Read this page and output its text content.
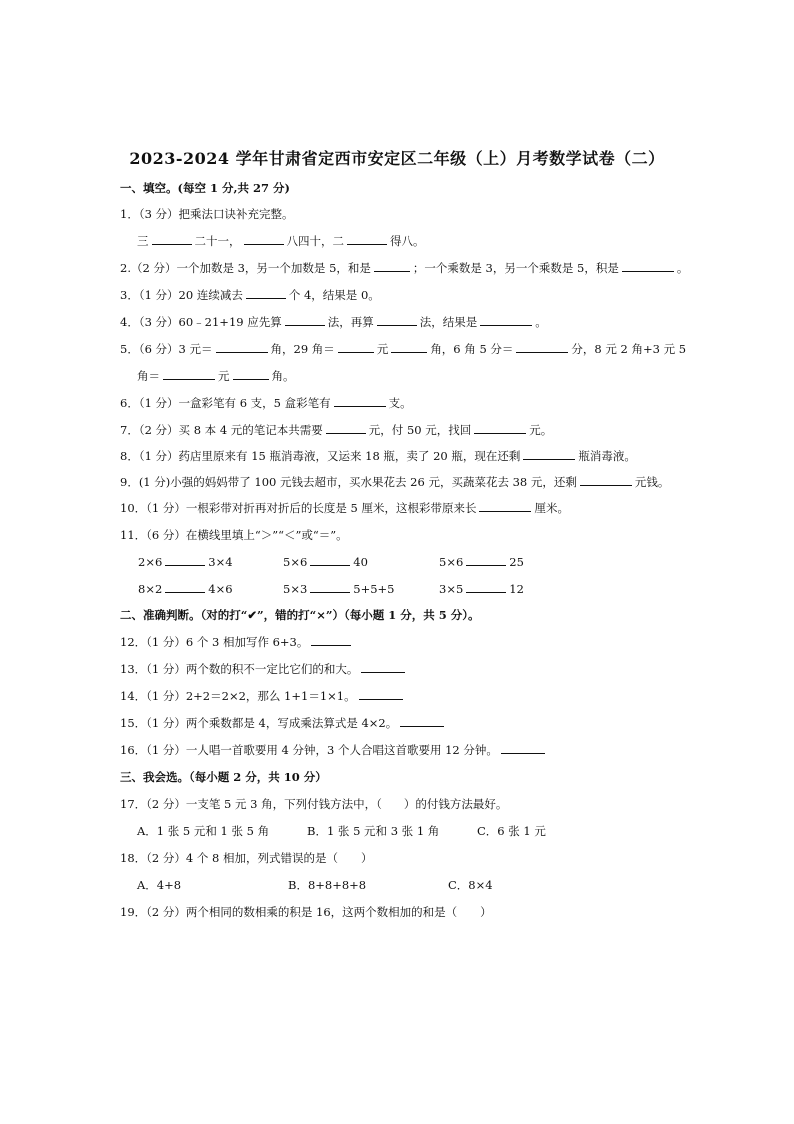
2023-2024 学年甘肃省定西市安定区二年级（上）月考数学试卷（二）
一、填空。(每空 1 分,共 27 分)
1．（3 分）把乘法口诀补充完整。
三	二十一，	八四十，二	得八。
2.（2 分）一个加数是 3，另一个加数是 5，和是	；一个乘数是 3，另一个乘数是 5，积是	。
3．（1 分）20 连续减去	个 4，结果是 0。
4．（3 分）60﹣21+19 应先算	法，再算	法，结果是	。
5．（6 分）3 元＝	角，29 角＝	元	角，6 角 5 分＝	分，8 元 2 角+3 元 5
角＝	元	角。
6．（1 分）一盒彩笔有 6 支，5 盒彩笔有	支。
7．（2 分）买 8 本 4 元的笔记本共需要	元，付 50 元，找回	元。
8．（1 分）药店里原来有 15 瓶消毒液，又运来 18 瓶，卖了 20 瓶，现在还剩	瓶消毒液。
9．(1 分)小强的妈妈带了 100 元钱去超市，买水果花去 26 元，买蔬菜花去 38 元，还剩	元钱。
10．（1 分）一根彩带对折再对折后的长度是 5 厘米，这根彩带原来长	厘米。
11．（6 分）在横线里填上“＞”“＜”或“＝”。
2×6	3×4	5×6	40	5×6	25
8×2	4×6	5×3	5+5+5	3×5	12
二、准确判断。（对的打“✔”，错的打“×”）（每小题 1 分，共 5 分）。
12．（1 分）6 个 3 相加写作 6+3。
13．（1 分）两个数的积不一定比它们的和大。
14．（1 分）2+2＝2×2，那么 1+1＝1×1。
15．（1 分）两个乘数都是 4，写成乘法算式是 4×2。
16．（1 分）一人唱一首歌要用 4 分钟，3 个人合唱这首歌要用 12 分钟。
三、我会选。（每小题 2 分，共 10 分）
17．（2 分）一支笔 5 元 3 角，下列付钱方法中，（ ）的付钱方法最好。
A．1 张 5 元和 1 张 5 角	B．1 张 5 元和 3 张 1 角	C．6 张 1 元
18．（2 分）4 个 8 相加，列式错误的是（　　）
A．4+8	B．8+8+8+8	C．8×4
19．（2 分）两个相同的数相乘的积是 16，这两个数相加的和是（　　）
